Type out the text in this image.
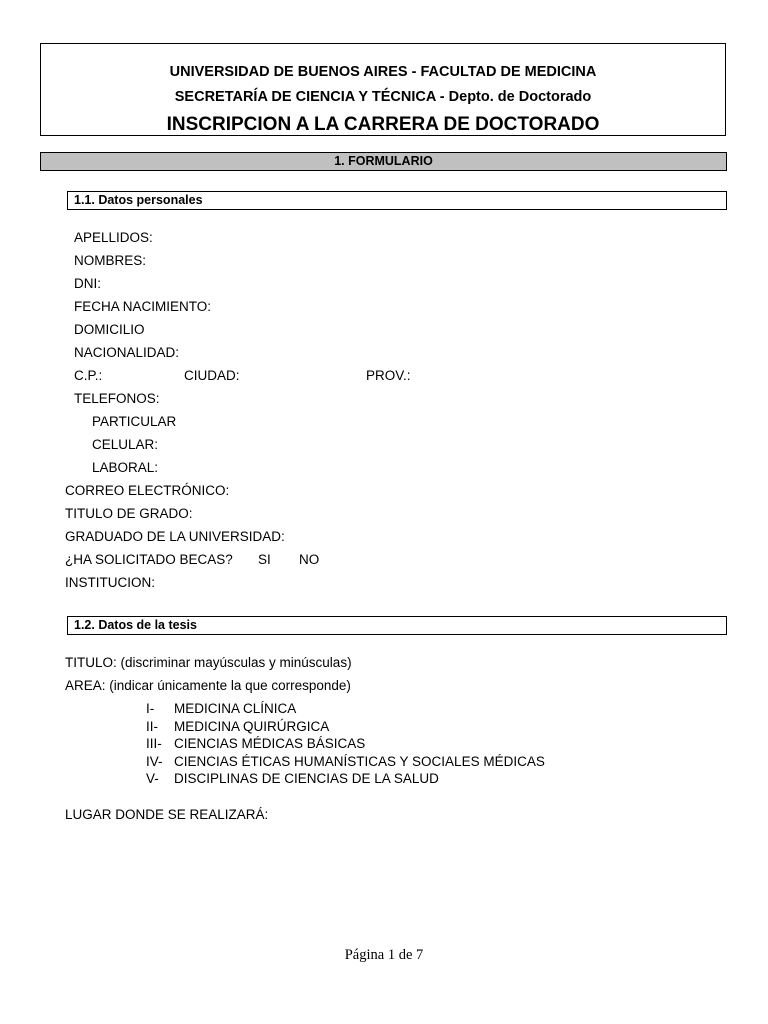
UNIVERSIDAD DE BUENOS AIRES - FACULTAD DE MEDICINA
SECRETARÍA DE CIENCIA Y TÉCNICA - Depto. de Doctorado
INSCRIPCION A LA CARRERA DE DOCTORADO
1. FORMULARIO
1.1. Datos personales
APELLIDOS:
NOMBRES:
DNI:
FECHA NACIMIENTO:
DOMICILIO
NACIONALIDAD:
C.P.:	CIUDAD:	PROV.:
TELEFONOS:
PARTICULAR
CELULAR:
LABORAL:
CORREO ELECTRÓNICO:
TITULO DE GRADO:
GRADUADO DE LA UNIVERSIDAD:
¿HA SOLICITADO BECAS? SI NO
INSTITUCION:
1.2. Datos de la tesis
TITULO: (discriminar mayúsculas y minúsculas)
AREA: (indicar únicamente la que corresponde)
I- MEDICINA CLÍNICA
II- MEDICINA QUIRÚRGICA
III- CIENCIAS MÉDICAS BÁSICAS
IV- CIENCIAS ÉTICAS HUMANÍSTICAS Y SOCIALES MÉDICAS
V- DISCIPLINAS DE CIENCIAS DE LA SALUD
LUGAR DONDE SE REALIZARÁ:
Página 1 de 7
